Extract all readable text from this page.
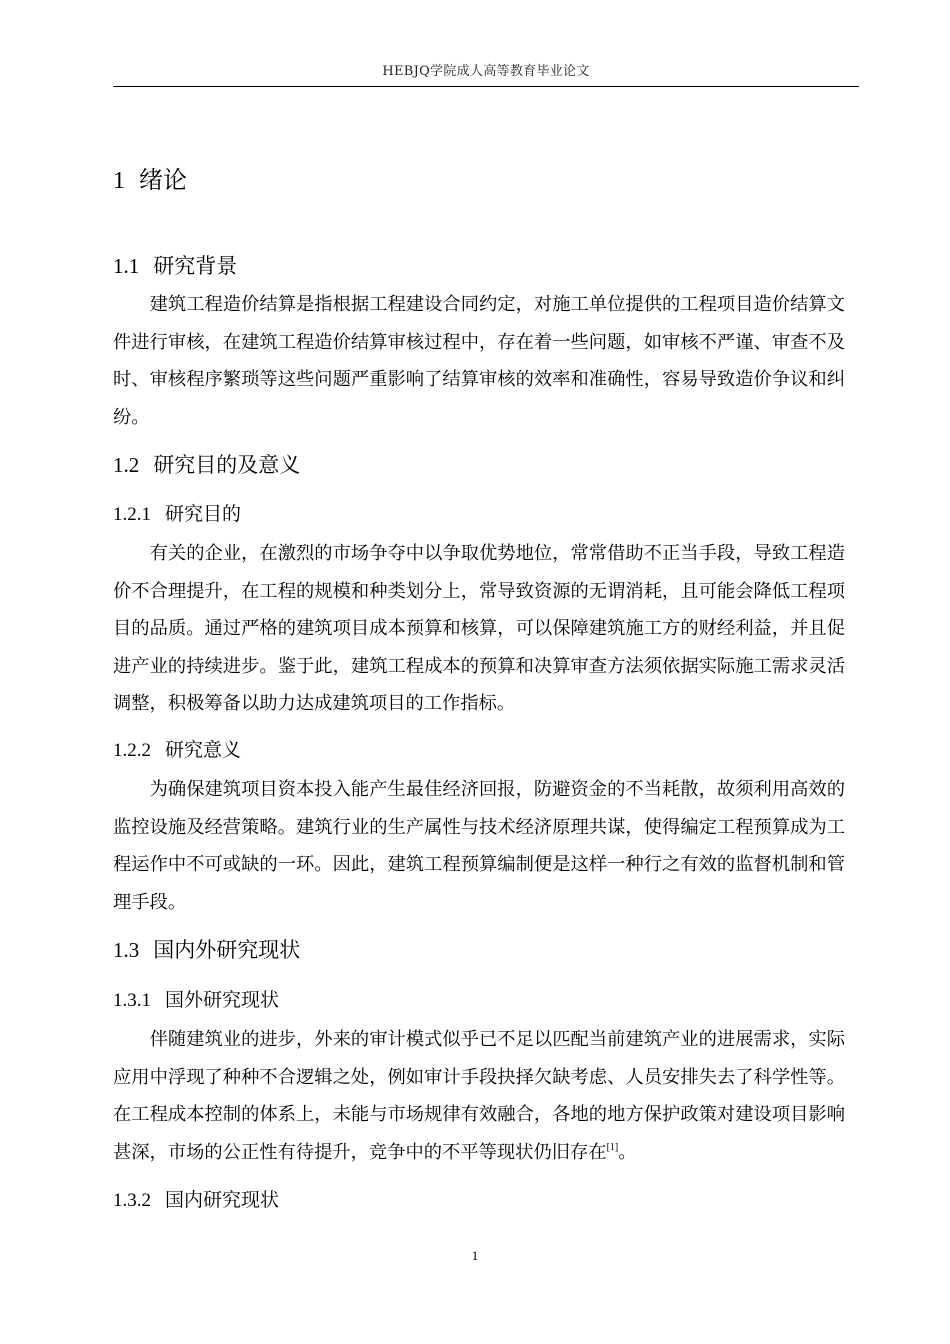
HEBJQ学院成人高等教育毕业论文
1 绪论
1.1 研究背景

建筑工程造价结算是指根据工程建设合同约定，对施工单位提供的工程项目造价结算文件进行审核，在建筑工程造价结算审核过程中，存在着一些问题，如审核不严谨、审查不及时、审核程序繁琐等这些问题严重影响了结算审核的效率和准确性，容易导致造价争议和纠纷。

1.2 研究目的及意义
1.2.1 研究目的

有关的企业，在激烈的市场争夺中以争取优势地位，常常借助不正当手段，导致工程造价不合理提升，在工程的规模和种类划分上，常导致资源的无谓消耗，且可能会降低工程项目的品质。通过严格的建筑项目成本预算和核算，可以保障建筑施工方的财经利益，并且促进产业的持续进步。鉴于此，建筑工程成本的预算和决算审查方法须依据实际施工需求灵活调整，积极筹备以助力达成建筑项目的工作指标。

1.2.2 研究意义

为确保建筑项目资本投入能产生最佳经济回报，防避资金的不当耗散，故须利用高效的监控设施及经营策略。建筑行业的生产属性与技术经济原理共谋，使得编定工程预算成为工程运作中不可或缺的一环。因此，建筑工程预算编制便是这样一种行之有效的监督机制和管理手段。

1.3 国内外研究现状
1.3.1 国外研究现状

伴随建筑业的进步，外来的审计模式似乎已不足以匹配当前建筑产业的进展需求，实际应用中浮现了种种不合逻辑之处，例如审计手段抉择欠缺考虑、人员安排失去了科学性等。在工程成本控制的体系上，未能与市场规律有效融合，各地的地方保护政策对建设项目影响甚深，市场的公正性有待提升，竞争中的不平等现状仍旧存在[1]。

1.3.2 国内研究现状
1
